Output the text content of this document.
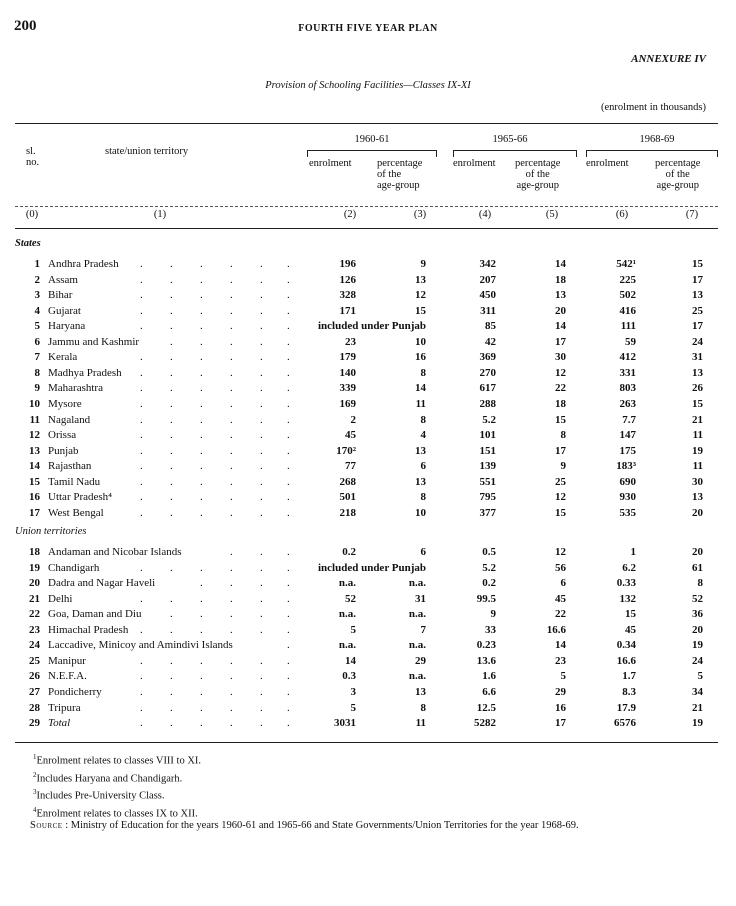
200	FOURTH FIVE YEAR PLAN
ANNEXURE IV
Provision of Schooling Facilities—Classes IX-XI
(enrolment in thousands)
sl.
no.
state/union territory
1960-61	1965-66	1968-69
enrolment percentage
of the
age-group
enrolment percentage
of the
age-group
enrolment	percentage
of the
age-group
(0)	(1)	(2)	(3)	(4)	(5)	(6)	(7)
States
Union territories
1 Andhra Pradesh . . . . . .	196	9	342	14	542¹	15
2 Assam	. . . . . .	126	13	207	18	225	17
3 Bihar	. . . . . .	328	12	450	13	502	13
4 Gujarat	. . . . . .	171	15	311	20	416	25
5 Haryana	. . . . . .	included under Punjab	85	14	111	17
6 Jammu and Kashmir	. . . . .	23	10	42	17	59	24
7 Kerala	. . . . . .	179	16	369	30	412	31
8 Madhya Pradesh . . . . . .	140	8	270	12	331	13
9 Maharashtra	. . . . . .	339	14	617	22	803	26
10 Mysore	. . . . . .	169	11	288	18	263	15
11 Nagaland	. . . . . .	2	8	5.2	15	7.7	21
12 Orissa	. . . . . .	45	4	101	8	147	11
13 Punjab	. . . . . .	170²	13	151	17	175	19
14 Rajasthan	. . . . . .	77	6	139	9	183³	11
15 Tamil Nadu	. . . . . .	268	13	551	25	690	30
16 Uttar Pradesh⁴	. . . . . .	501	8	795	12	930	13
17 West Bengal	. . . . . .	218	10	377	15	535	20
18 Andaman and Nicobar Islands	. . .	0.2	6	0.5	12	1	20
19 Chandigarh	. . . . . .	included under Punjab	5.2	56	6.2	61
20 Dadra and Nagar Haveli	. . . .	n.a.	n.a.	0.2	6	0.33	8
21 Delhi	. . . . . .	52	31	99.5	45	132	52
22 Goa, Daman and Diu	. . . . .	n.a.	n.a.	9	22	15	36
23 Himachal Pradesh . . . . . .	5	7	33	16.6	45	20
24 Laccadive, Minicoy and Amindivi Islands	.	n.a.	n.a.	0.23	14	0.34	19
25 Manipur	. . . . . .	14	29	13.6	23	16.6	24
26 N.E.F.A.	. . . . . .	0.3	n.a.	1.6	5	1.7	5
27 Pondicherry	. . . . . .	3	13	6.6	29	8.3	34
28 Tripura	. . . . . .	5	8	12.5	16	17.9	21
29 Total	. . . . . .	3031	11	5282	17	6576	19
$^1$Enrolment relates to classes VIII to XI.
$^2$Includes Haryana and Chandigarh.
$^3$Includes Pre-University Class.
$^4$Enrolment relates to classes IX to XII.
Source : Ministry of Education for the years 1960-61 and 1965-66 and State Governments/Union Territories for the year 1968-69.
